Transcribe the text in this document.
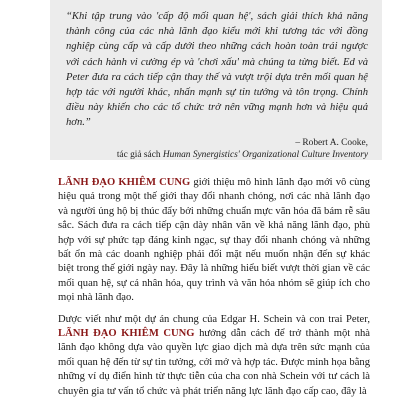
“Khi tập trung vào 'cấp độ mối quan hệ', sách giải thích khả năng thành công của các nhà lãnh đạo kiểu mới khi tương tác với đồng nghiệp cùng cấp và cấp dưới theo những cách hoàn toàn trái ngược với cách hành vi cường ép và 'chơi xấu' mà chúng ta từng biết. Ed và Peter đưa ra cách tiếp cận thay thế và vượt trội dựa trên mối quan hệ hợp tác với người khác, nhấn mạnh sự tin tưởng và tôn trọng. Chính điều này khiến cho các tổ chức trở nên vững mạnh hơn và hiệu quả hơn.”

– Robert A. Cooke,
tác giả sách Human Synergistics' Organizational Culture Inventory

LÃNH ĐẠO KHIÊM CUNG giới thiệu mô hình lãnh đạo mới vô cùng hiệu quả trong một thế giới thay đổi nhanh chóng, nơi các nhà lãnh đạo và người ủng hộ bị thúc đẩy bởi những chuẩn mực văn hóa đã bám rễ sâu sắc. Sách đưa ra cách tiếp cận dày nhân văn về khả năng lãnh đạo, phù hợp với sự phức tạp đáng kinh ngạc, sự thay đổi nhanh chóng và những bất ổn mà các doanh nghiệp phải đối mặt nếu muốn nhận đến sự khác biệt trong thế giới ngày nay. Đây là những hiểu biết vượt thời gian về các mối quan hệ, sự cá nhân hóa, quy trình và văn hóa nhóm sẽ giúp ích cho mọi nhà lãnh đạo.

Dược viết như một dự án chung của Edgar H. Schein và con trai Peter, LÃNH ĐẠO KHIÊM CUNG hướng dẫn cách để trở thành một nhà lãnh đạo không dựa vào quyền lực giao dịch mà dựa trên sức mạnh của mối quan hệ đến từ sự tin tưởng, cởi mở và hợp tác. Được minh họa bằng những ví dụ điển hình từ thực tiễn của cha con nhà Schein với tư cách là chuyên gia tư vấn tổ chức và phát triển năng lực lãnh đạo cấp cao, đây là
